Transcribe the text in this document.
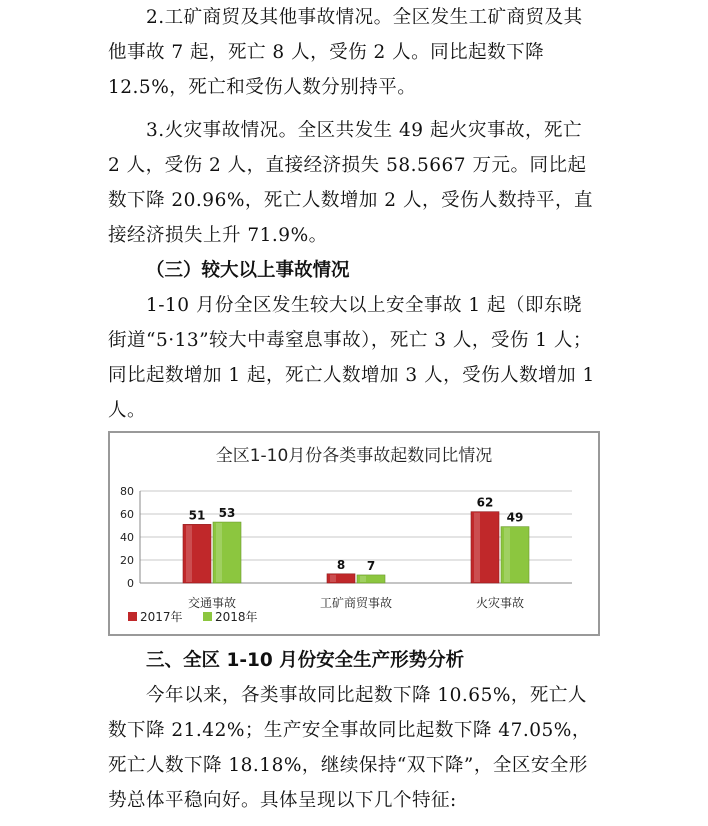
2.工矿商贸及其他事故情况。全区发生工矿商贸及其他事故 7 起，死亡 8 人，受伤 2 人。同比起数下降 12.5%，死亡和受伤人数分别持平。

3.火灾事故情况。全区共发生 49 起火灾事故，死亡 2 人，受伤 2 人，直接经济损失 58.5667 万元。同比起数下降 20.96%，死亡人数增加 2 人，受伤人数持平，直接经济损失上升 71.9%。

（三）较大以上事故情况

1-10 月份全区发生较大以上安全事故 1 起（即东晓街道“5·13”较大中毒窒息事故），死亡 3 人，受伤 1 人；同比起数增加 1 起，死亡人数增加 3 人，受伤人数增加 1 人。

全区1-10月份各类事故起数同比情况
0
20
40
60
80
51 53
交通事故
8 7
工矿商贸事故
62
49
火灾事故
2017年	2018年

三、全区 1-10 月份安全生产形势分析

今年以来，各类事故同比起数下降 10.65%，死亡人数下降 21.42%；生产安全事故同比起数下降 47.05%，死亡人数下降 18.18%，继续保持“双下降”，全区安全形势总体平稳向好。具体呈现以下几个特征:
